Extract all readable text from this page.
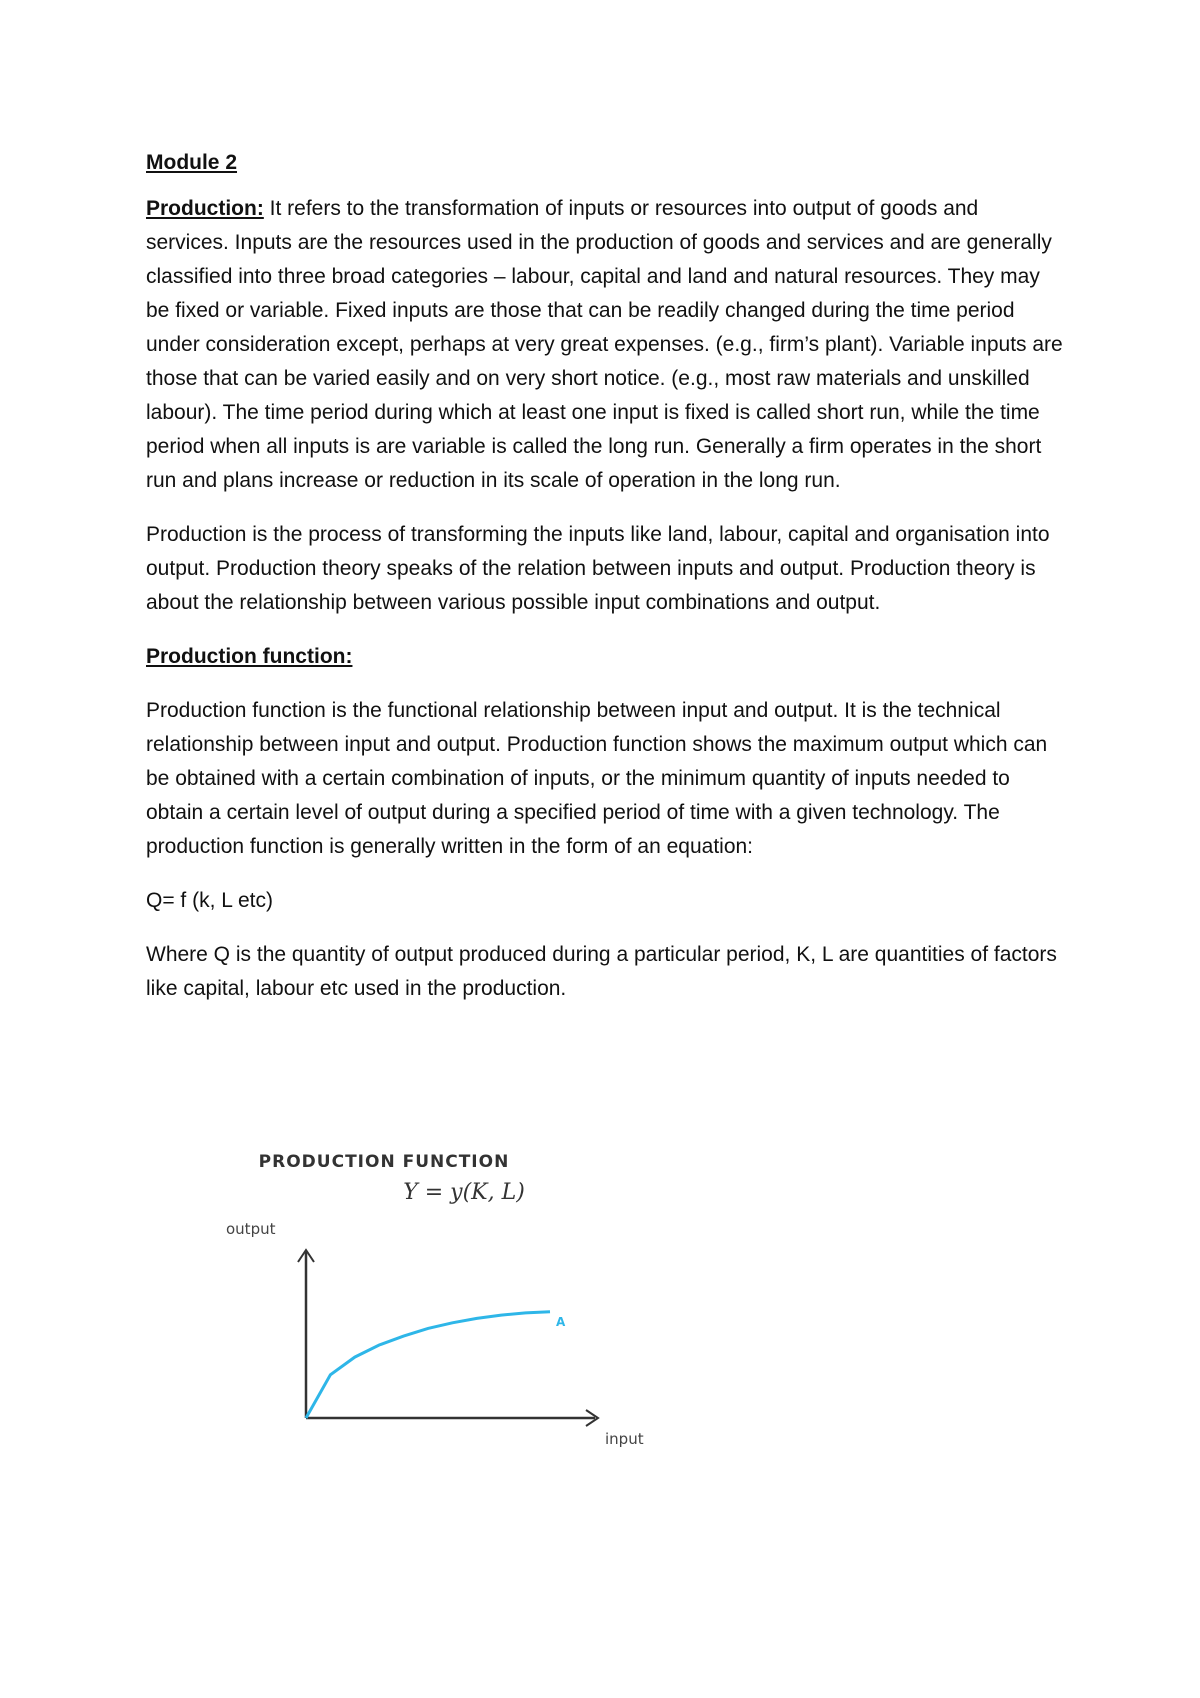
Module 2

Production: It refers to the transformation of inputs or resources into output of goods and services. Inputs are the resources used in the production of goods and services and are generally classified into three broad categories – labour, capital and land and natural resources. They may be fixed or variable. Fixed inputs are those that can be readily changed during the time period under consideration except, perhaps at very great expenses. (e.g., firm’s plant). Variable inputs are those that can be varied easily and on very short notice. (e.g., most raw materials and unskilled labour). The time period during which at least one input is fixed is called short run, while the time period when all inputs is are variable is called the long run. Generally a firm operates in the short run and plans increase or reduction in its scale of operation in the long run.

Production is the process of transforming the inputs like land, labour, capital and organisation into output. Production theory speaks of the relation between inputs and output. Production theory is about the relationship between various possible input combinations and output.

Production function:

Production function is the functional relationship between input and output. It is the technical relationship between input and output. Production function shows the maximum output which can be obtained with a certain combination of inputs, or the minimum quantity of inputs needed to obtain a certain level of output during a specified period of time with a given technology. The production function is generally written in the form of an equation:

Q= f (k, L etc)

Where Q is the quantity of output produced during a particular period, K, L are quantities of factors like capital, labour etc used in the production.

PRODUCTION FUNCTION
Y = y(K, L)
output
input
A
